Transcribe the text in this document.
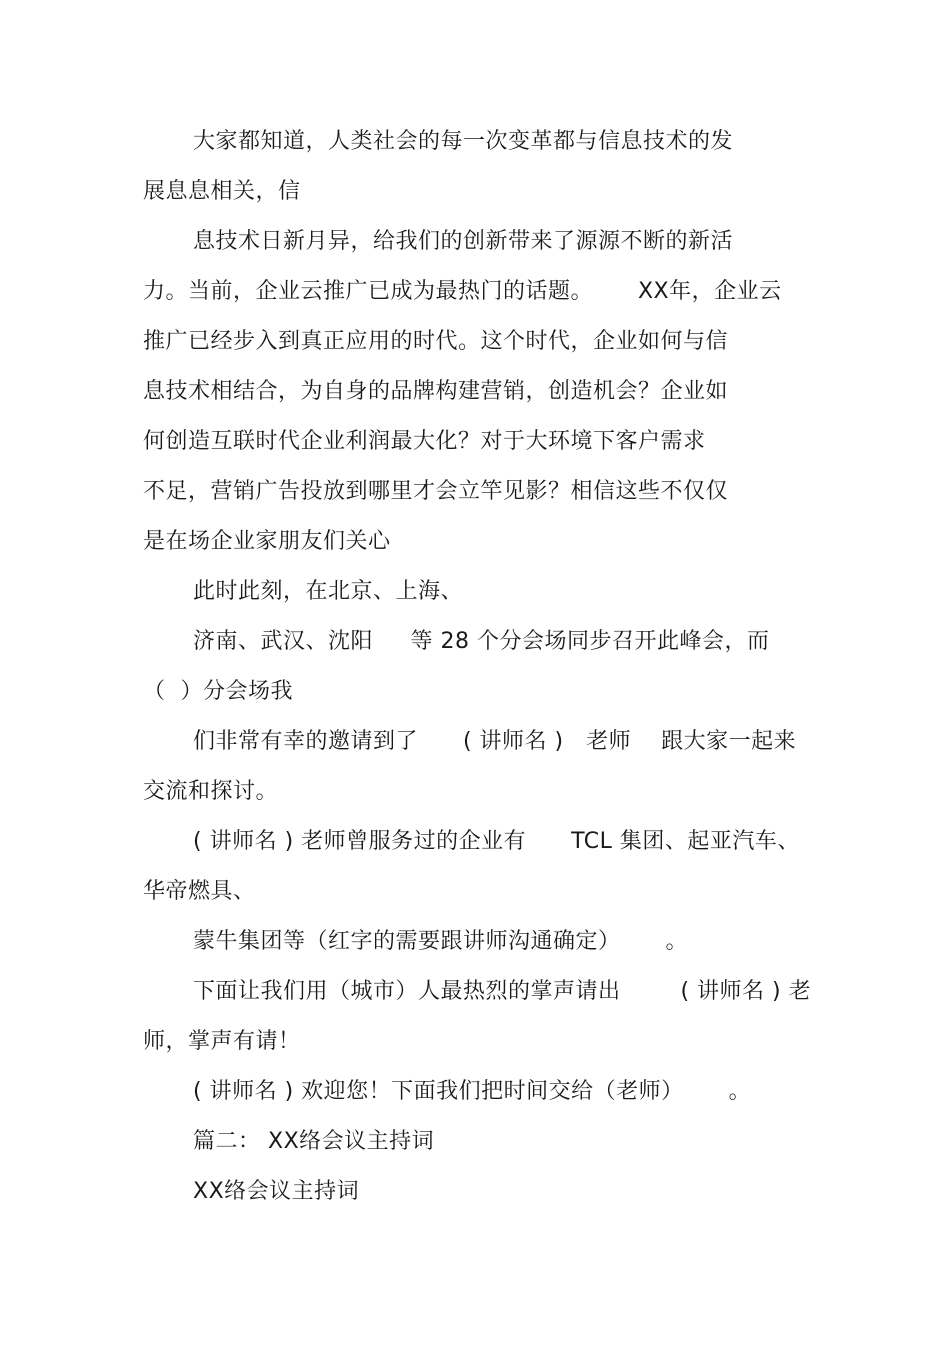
大家都知道，人类社会的每一次变革都与信息技术的发
展息息相关，信
息技术日新月异，给我们的创新带来了源源不断的新活
力。当前，企业云推广已成为最热门的话题。      XX年，企业云
推广已经步入到真正应用的时代。这个时代，企业如何与信
息技术相结合，为自身的品牌构建营销，创造机会？企业如
何创造互联时代企业利润最大化？对于大环境下客户需求
不足，营销广告投放到哪里才会立竿见影？相信这些不仅仅
是在场企业家朋友们关心
此时此刻，在北京、上海、
济南、武汉、沈阳     等 28 个分会场同步召开此峰会，而
（  ）分会场我
们非常有幸的邀请到了      ( 讲师名 )   老师    跟大家一起来
交流和探讨。
( 讲师名 ) 老师曾服务过的企业有      TCL 集团、起亚汽车、
华帝燃具、
蒙牛集团等（红字的需要跟讲师沟通确定）      。
下面让我们用（城市）人最热烈的掌声请出        ( 讲师名 ) 老
师，掌声有请！
( 讲师名 ) 欢迎您！下面我们把时间交给（老师）      。
篇二： XX络会议主持词
XX络会议主持词
